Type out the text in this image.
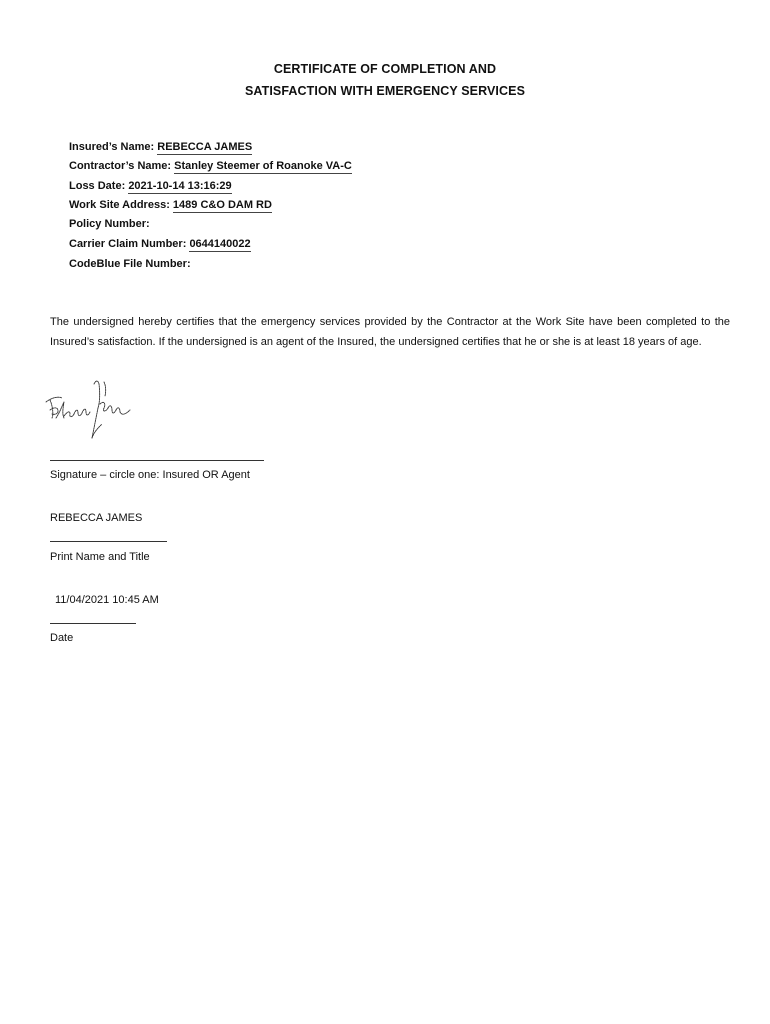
CERTIFICATE OF COMPLETION AND
SATISFACTION WITH EMERGENCY SERVICES
Insured’s Name: REBECCA JAMES
Contractor’s Name: Stanley Steemer of Roanoke VA-C
Loss Date: 2021-10-14 13:16:29
Work Site Address: 1489 C&O DAM RD
Policy Number:
Carrier Claim Number: 0644140022
CodeBlue File Number:
The undersigned hereby certifies that the emergency services provided by the Contractor at the Work Site have been completed to the Insured’s satisfaction. If the undersigned is an agent of the Insured, the undersigned certifies that he or she is at least 18 years of age.
Signature – circle one: Insured OR Agent
REBECCA JAMES
Print Name and Title
11/04/2021 10:45 AM
Date
